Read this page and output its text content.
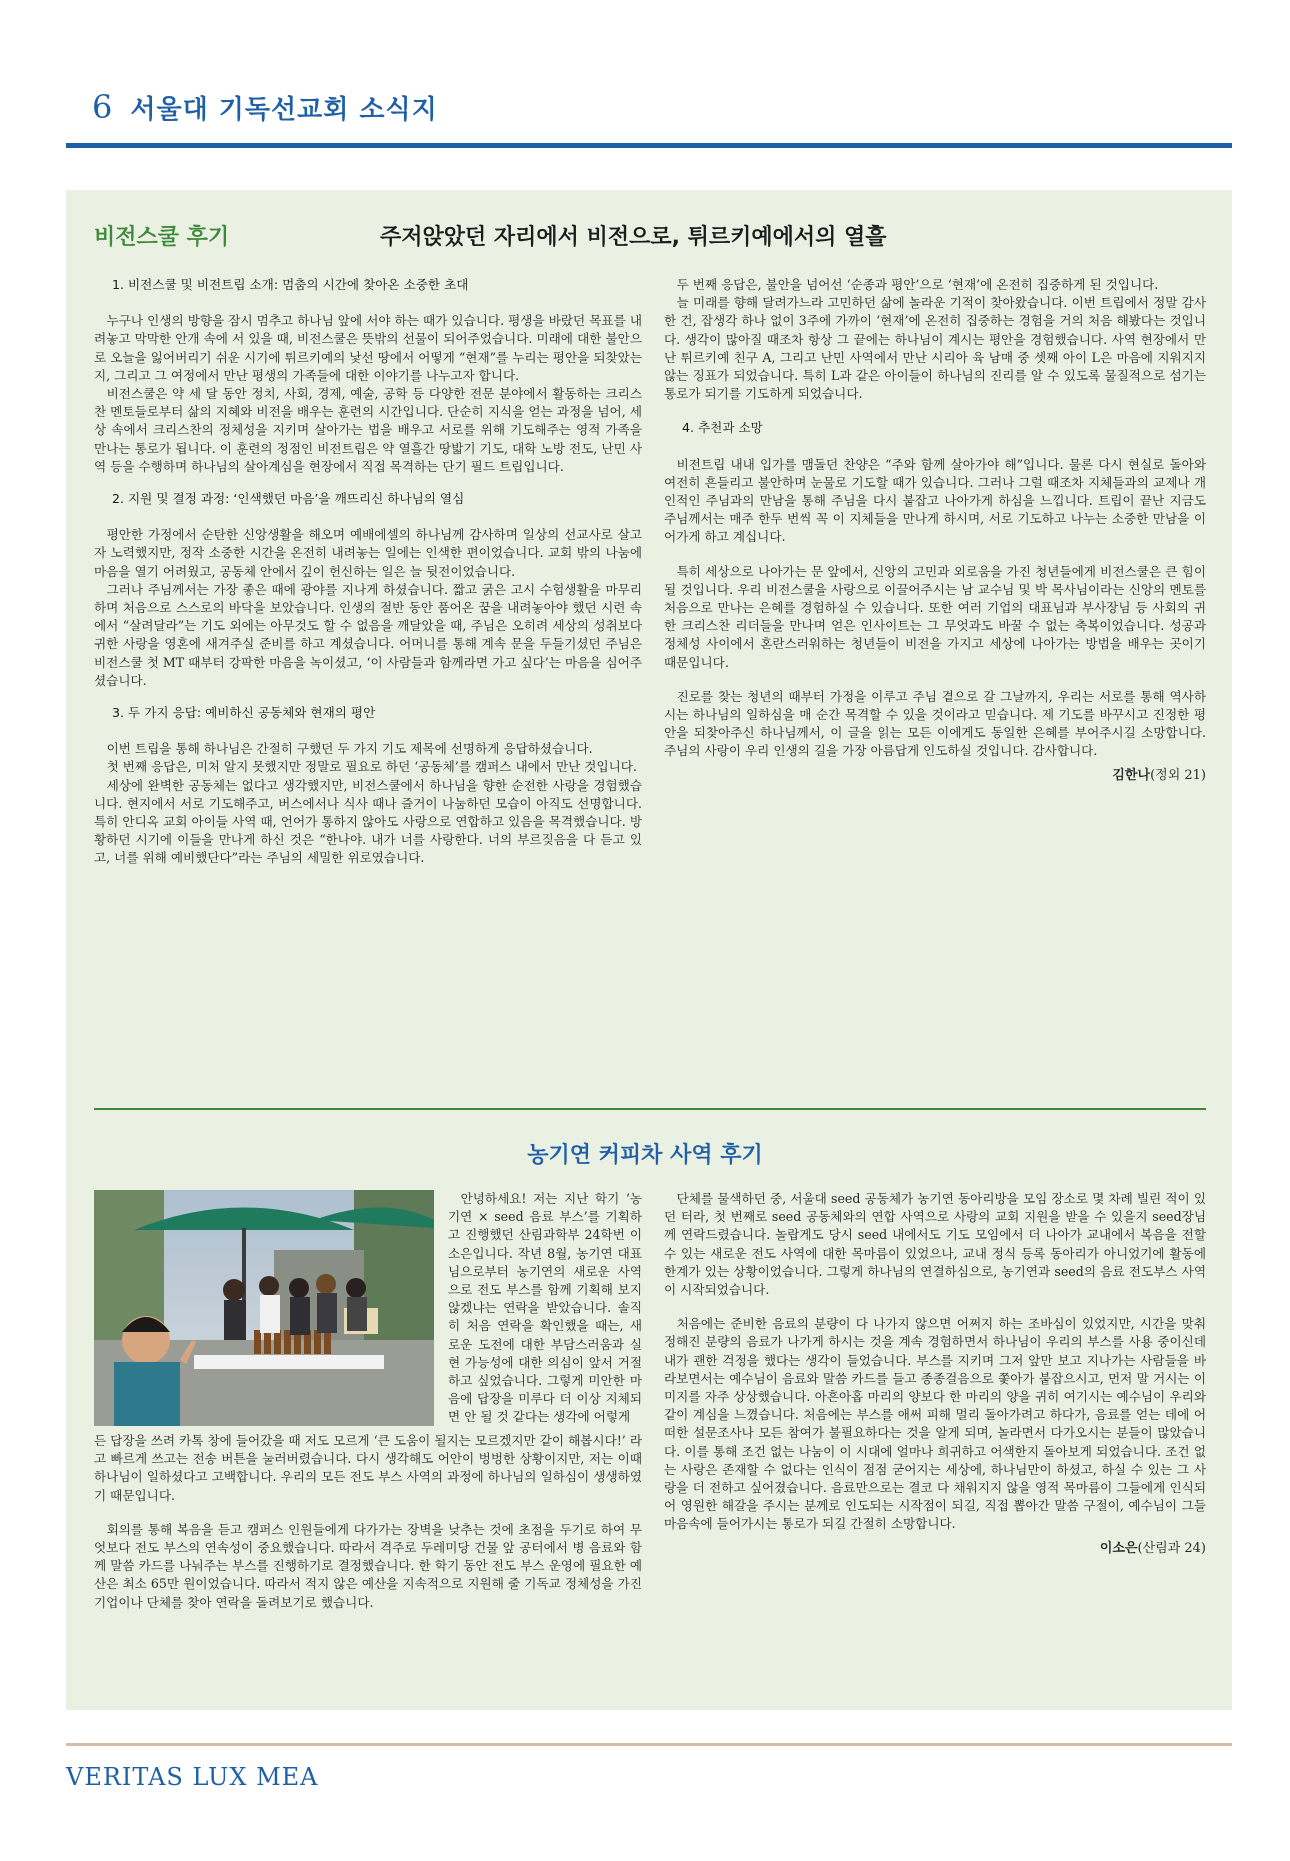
6 서울대 기독선교회 소식지
비전스쿨 후기	주저앉았던 자리에서 비전으로, 튀르키예에서의 열흘
1. 비전스쿨 및 비전트립 소개: 멈춤의 시간에 찾아온 소중한 초대

누구나 인생의 방향을 잠시 멈추고 하나님 앞에 서야 하는 때가 있습니다. 평생을 바랐던 목표를 내려놓고 막막한 안개 속에 서 있을 때, 비전스쿨은 뜻밖의 선물이 되어주었습니다. 미래에 대한 불안으로 오늘을 잃어버리기 쉬운 시기에 튀르키예의 낯선 땅에서 어떻게 “현재”를 누리는 평안을 되찾았는지, 그리고 그 여정에서 만난 평생의 가족들에 대한 이야기를 나누고자 합니다.

비전스쿨은 약 세 달 동안 정치, 사회, 경제, 예술, 공학 등 다양한 전문 분야에서 활동하는 크리스찬 멘토들로부터 삶의 지혜와 비전을 배우는 훈련의 시간입니다. 단순히 지식을 얻는 과정을 넘어, 세상 속에서 크리스찬의 정체성을 지키며 살아가는 법을 배우고 서로를 위해 기도해주는 영적 가족을 만나는 통로가 됩니다. 이 훈련의 정점인 비전트립은 약 열흘간 땅밟기 기도, 대학 노방 전도, 난민 사역 등을 수행하며 하나님의 살아계심을 현장에서 직접 목격하는 단기 필드 트립입니다.

2. 지원 및 결정 과정: ‘인색했던 마음’을 깨뜨리신 하나님의 열심

평안한 가정에서 순탄한 신앙생활을 해오며 예배에셀의 하나님께 감사하며 일상의 선교사로 살고자 노력했지만, 정작 소중한 시간을 온전히 내려놓는 일에는 인색한 편이었습니다. 교회 밖의 나눔에 마음을 열기 어려웠고, 공동체 안에서 깊이 헌신하는 일은 늘 뒷전이었습니다.

그러나 주님께서는 가장 좋은 때에 광야를 지나게 하셨습니다. 짧고 굵은 고시 수험생활을 마무리하며 처음으로 스스로의 바닥을 보았습니다. 인생의 절반 동안 품어온 꿈을 내려놓아야 했던 시련 속에서 “살려달라”는 기도 외에는 아무것도 할 수 없음을 깨달았을 때, 주님은 오히려 세상의 성취보다 귀한 사랑을 영혼에 새겨주실 준비를 하고 계셨습니다. 어머니를 통해 계속 문을 두들기셨던 주님은 비전스쿨 첫 MT 때부터 강팍한 마음을 녹이셨고, ‘이 사람들과 함께라면 가고 싶다’는 마음을 심어주셨습니다.

3. 두 가지 응답: 예비하신 공동체와 현재의 평안

이번 트립을 통해 하나님은 간절히 구했던 두 가지 기도 제목에 선명하게 응답하셨습니다.

첫 번째 응답은, 미처 알지 못했지만 정말로 필요로 하던 ‘공동체’를 캠퍼스 내에서 만난 것입니다.

세상에 완벽한 공동체는 없다고 생각했지만, 비전스쿨에서 하나님을 향한 순전한 사랑을 경험했습니다. 현지에서 서로 기도해주고, 버스에서나 식사 때나 즐거이 나눔하던 모습이 아직도 선명합니다. 특히 안디옥 교회 아이들 사역 때, 언어가 통하지 않아도 사랑으로 연합하고 있음을 목격했습니다. 방황하던 시기에 이들을 만나게 하신 것은 “한나야. 내가 너를 사랑한다. 너의 부르짖음을 다 듣고 있고, 너를 위해 예비했단다”라는 주님의 세밀한 위로였습니다.

두 번째 응답은, 불안을 넘어선 ‘순종과 평안’으로 ‘현재’에 온전히 집중하게 된 것입니다.

늘 미래를 향해 달려가느라 고민하던 삶에 놀라운 기적이 찾아왔습니다. 이번 트립에서 정말 감사한 건, 잡생각 하나 없이 3주에 가까이 ‘현재’에 온전히 집중하는 경험을 거의 처음 해봤다는 것입니다. 생각이 많아질 때조차 항상 그 끝에는 하나님이 계시는 평안을 경험했습니다. 사역 현장에서 만난 튀르키예 친구 A, 그리고 난민 사역에서 만난 시리아 육 남매 중 셋째 아이 L은 마음에 지워지지 않는 징표가 되었습니다. 특히 L과 같은 아이들이 하나님의 진리를 알 수 있도록 물질적으로 섬기는 통로가 되기를 기도하게 되었습니다.

4. 추천과 소망

비전트립 내내 입가를 맴돌던 찬양은 “주와 함께 살아가야 해”입니다. 물론 다시 현실로 돌아와 여전히 흔들리고 불안하며 눈물로 기도할 때가 있습니다. 그러나 그럴 때조차 지체들과의 교제나 개인적인 주님과의 만남을 통해 주님을 다시 붙잡고 나아가게 하심을 느낍니다. 트립이 끝난 지금도 주님께서는 매주 한두 번씩 꼭 이 지체들을 만나게 하시며, 서로 기도하고 나누는 소중한 만남을 이어가게 하고 계십니다.

특히 세상으로 나아가는 문 앞에서, 신앙의 고민과 외로움을 가진 청년들에게 비전스쿨은 큰 힘이 될 것입니다. 우리 비전스쿨을 사랑으로 이끌어주시는 남 교수님 및 박 목사님이라는 신앙의 멘토를 처음으로 만나는 은혜를 경험하실 수 있습니다. 또한 여러 기업의 대표님과 부사장님 등 사회의 귀한 크리스찬 리더들을 만나며 얻은 인사이트는 그 무엇과도 바꿀 수 없는 축복이었습니다. 성공과 정체성 사이에서 혼란스러워하는 청년들이 비전을 가지고 세상에 나아가는 방법을 배우는 곳이기 때문입니다.

진로를 찾는 청년의 때부터 가정을 이루고 주님 곁으로 갈 그날까지, 우리는 서로를 통해 역사하시는 하나님의 일하심을 매 순간 목격할 수 있을 것이라고 믿습니다. 제 기도를 바꾸시고 진정한 평안을 되찾아주신 하나님께서, 이 글을 읽는 모든 이에게도 동일한 은혜를 부어주시길 소망합니다. 주님의 사랑이 우리 인생의 길을 가장 아름답게 인도하실 것입니다. 감사합니다.

김한나(정외 21)
농기연 커피차 사역 후기

안녕하세요! 저는 지난 학기 ‘농기연 × seed 음료 부스’를 기획하고 진행했던 산림과학부 24학번 이소은입니다. 작년 8월, 농기연 대표님으로부터 농기연의 새로운 사역으로 전도 부스를 함께 기획해 보지 않겠냐는 연락을 받았습니다. 솔직히 처음 연락을 확인했을 때는, 새로운 도전에 대한 부담스러움과 실현 가능성에 대한 의심이 앞서 거절하고 싶었습니다. 그렇게 미안한 마음에 답장을 미루다 더 이상 지체되면 안 될 것 같다는 생각에 어렇게

든 답장을 쓰려 카톡 창에 들어갔을 때 저도 모르게 ‘큰 도움이 될지는 모르겠지만 같이 해봅시다!’ 라고 빠르게 쓰고는 전송 버튼을 눌러버렸습니다. 다시 생각해도 어안이 벙벙한 상황이지만, 저는 이때 하나님이 일하셨다고 고백합니다. 우리의 모든 전도 부스 사역의 과정에 하나님의 일하심이 생생하였기 때문입니다.

회의를 통해 복음을 듣고 캠퍼스 인원들에게 다가가는 장벽을 낮추는 것에 초점을 두기로 하여 무엇보다 전도 부스의 연속성이 중요했습니다. 따라서 격주로 두레미당 건물 앞 공터에서 병 음료와 함께 말씀 카드를 나눠주는 부스를 진행하기로 결정했습니다. 한 학기 동안 전도 부스 운영에 필요한 예산은 최소 65만 원이었습니다. 따라서 적지 않은 예산을 지속적으로 지원해 줄 기독교 정체성을 가진 기업이나 단체를 찾아 연락을 돌려보기로 했습니다.

단체를 물색하던 중, 서울대 seed 공동체가 농기연 동아리방을 모임 장소로 몇 차례 빌린 적이 있던 터라, 첫 번째로 seed 공동체와의 연합 사역으로 사랑의 교회 지원을 받을 수 있을지 seed장님께 연락드렸습니다. 놀랍게도 당시 seed 내에서도 기도 모임에서 더 나아가 교내에서 복음을 전할 수 있는 새로운 전도 사역에 대한 목마름이 있었으나, 교내 정식 등록 동아리가 아니었기에 활동에 한계가 있는 상황이었습니다. 그렇게 하나님의 연결하심으로, 농기연과 seed의 음료 전도부스 사역이 시작되었습니다.

처음에는 준비한 음료의 분량이 다 나가지 않으면 어쩌지 하는 조바심이 있었지만, 시간을 맞춰 정해진 분량의 음료가 나가게 하시는 것을 계속 경험하면서 하나님이 우리의 부스를 사용 중이신데 내가 괜한 걱정을 했다는 생각이 들었습니다. 부스를 지키며 그저 앞만 보고 지나가는 사람들을 바라보면서는 예수님이 음료와 말씀 카드를 들고 종종걸음으로 쫓아가 붙잡으시고, 먼저 말 거시는 이미지를 자주 상상했습니다. 아흔아홉 마리의 양보다 한 마리의 양을 귀히 여기시는 예수님이 우리와 같이 계심을 느꼈습니다. 처음에는 부스를 애써 피해 멀리 돌아가려고 하다가, 음료를 얻는 데에 어떠한 설문조사나 모든 참여가 불필요하다는 것을 알게 되며, 놀라면서 다가오시는 분들이 많았습니다. 이를 통해 조건 없는 나눔이 이 시대에 얼마나 희귀하고 어색한지 돌아보게 되었습니다. 조건 없는 사랑은 존재할 수 없다는 인식이 점점 굳어지는 세상에, 하나님만이 하셨고, 하실 수 있는 그 사랑을 더 전하고 싶어졌습니다. 음료만으로는 결코 다 채워지지 않을 영적 목마름이 그들에게 인식되어 영원한 해갈을 주시는 분께로 인도되는 시작점이 되길, 직접 뽑아간 말씀 구절이, 예수님이 그들 마음속에 들어가시는 통로가 되길 간절히 소망합니다.

이소은(산림과 24)
VERITAS LUX MEA
